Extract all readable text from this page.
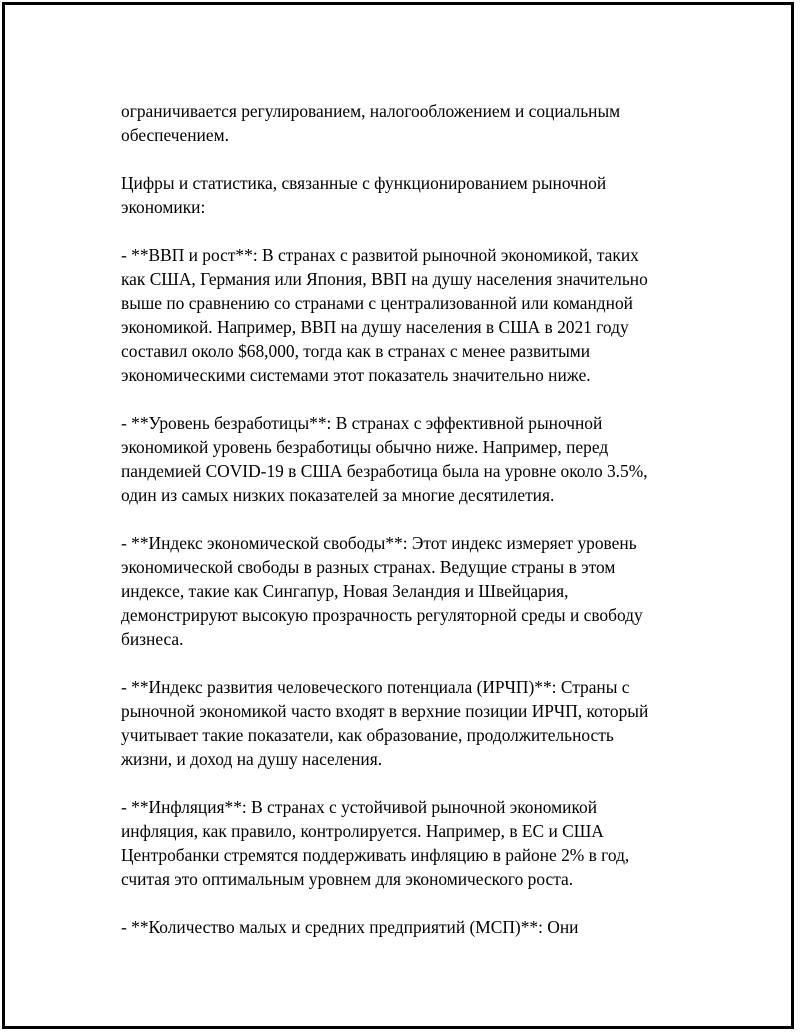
ограничивается регулированием, налогообложением и социальным
обеспечением.

Цифры и статистика, связанные с функционированием рыночной
экономики:

- **ВВП и рост**: В странах с развитой рыночной экономикой, таких
как США, Германия или Япония, ВВП на душу населения значительно
выше по сравнению со странами с централизованной или командной
экономикой. Например, ВВП на душу населения в США в 2021 году
составил около $68,000, тогда как в странах с менее развитыми
экономическими системами этот показатель значительно ниже.

- **Уровень безработицы**: В странах с эффективной рыночной
экономикой уровень безработицы обычно ниже. Например, перед
пандемией COVID-19 в США безработица была на уровне около 3.5%,
один из самых низких показателей за многие десятилетия.

- **Индекс экономической свободы**: Этот индекс измеряет уровень
экономической свободы в разных странах. Ведущие страны в этом
индексе, такие как Сингапур, Новая Зеландия и Швейцария,
демонстрируют высокую прозрачность регуляторной среды и свободу
бизнеса.

- **Индекс развития человеческого потенциала (ИРЧП)**: Страны с
рыночной экономикой часто входят в верхние позиции ИРЧП, который
учитывает такие показатели, как образование, продолжительность
жизни, и доход на душу населения.

- **Инфляция**: В странах с устойчивой рыночной экономикой
инфляция, как правило, контролируется. Например, в ЕС и США
Центробанки стремятся поддерживать инфляцию в районе 2% в год,
считая это оптимальным уровнем для экономического роста.

- **Количество малых и средних предприятий (МСП)**: Они
